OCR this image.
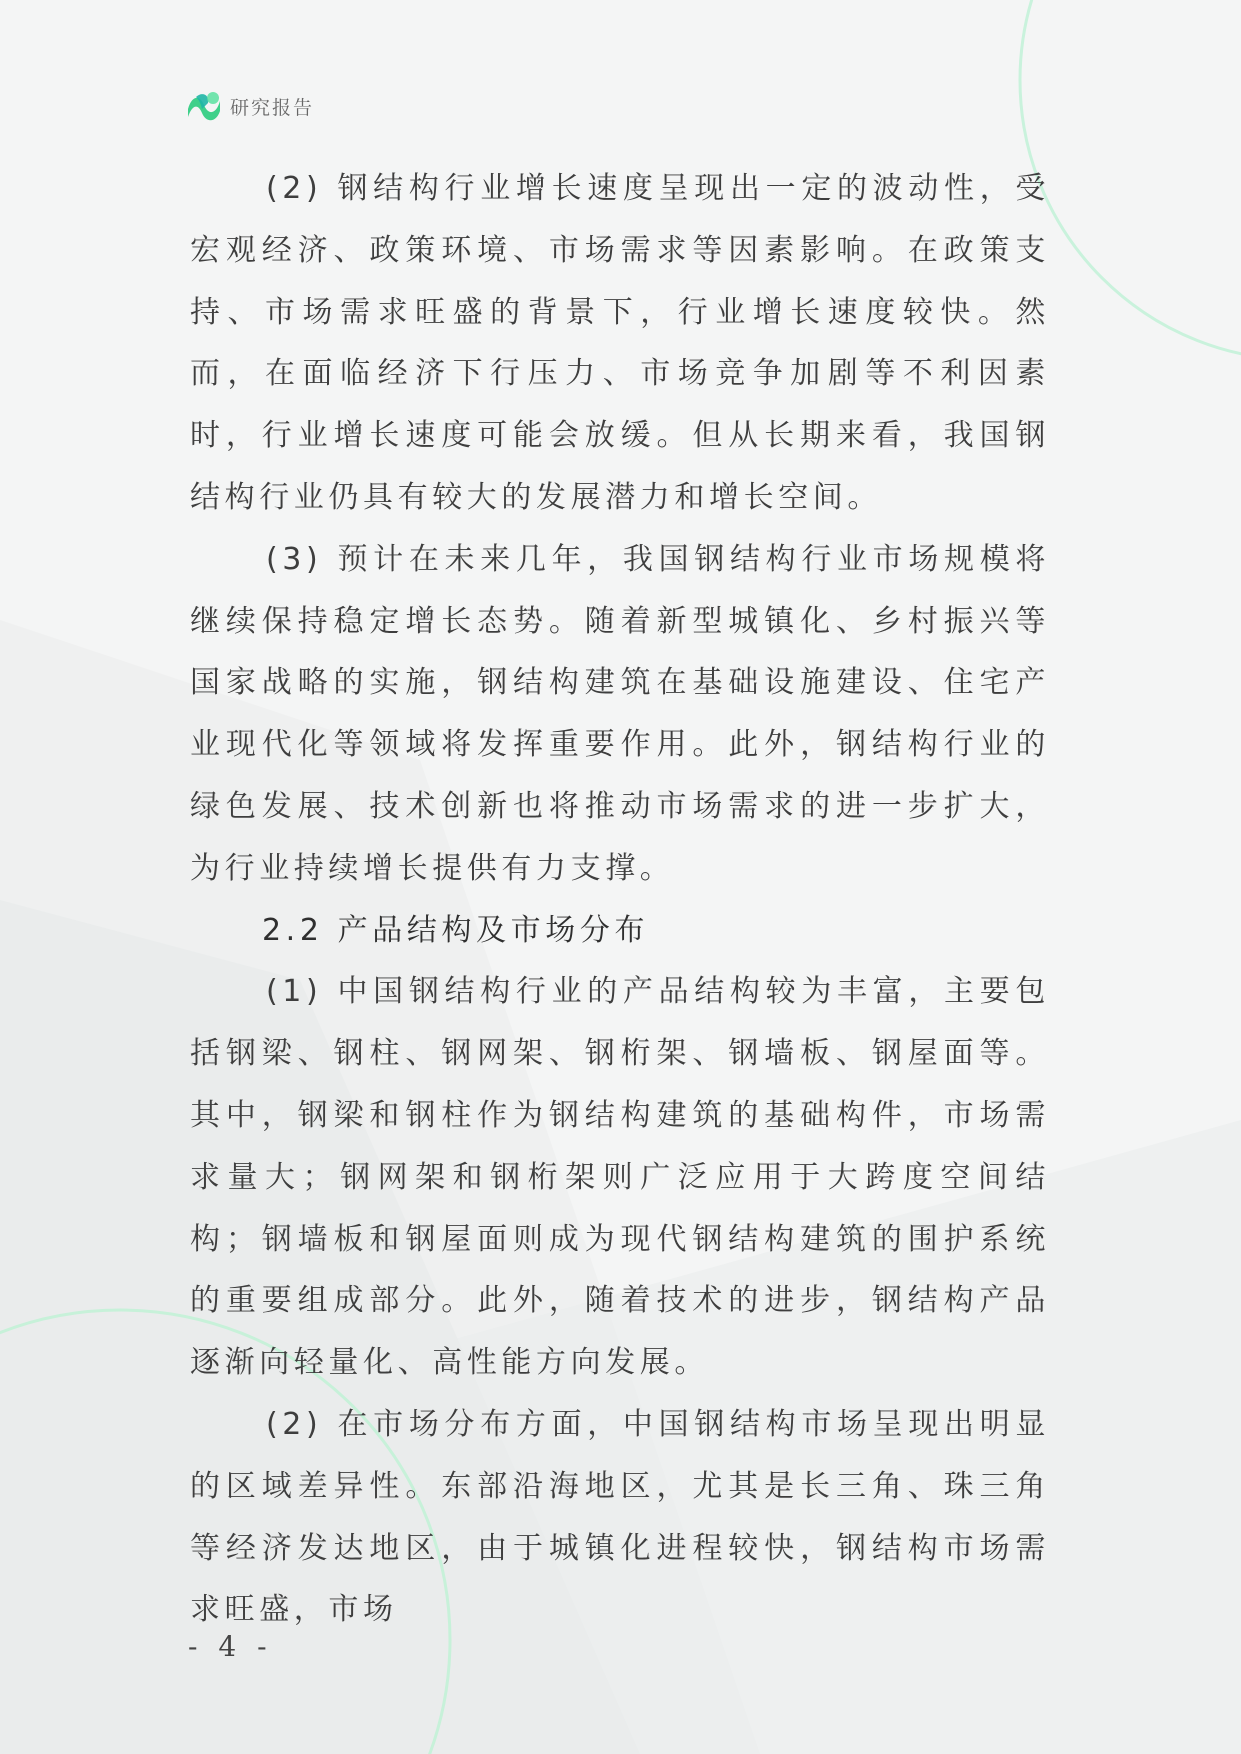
研究报告

(2) 钢结构行业增长速度呈现出一定的波动性，受宏观经济、政策环境、市场需求等因素影响。在政策支持、市场需求旺盛的背景下，行业增长速度较快。然而，在面临经济下行压力、市场竞争加剧等不利因素时，行业增长速度可能会放缓。但从长期来看，我国钢结构行业仍具有较大的发展潜力和增长空间。

(3) 预计在未来几年，我国钢结构行业市场规模将继续保持稳定增长态势。随着新型城镇化、乡村振兴等国家战略的实施，钢结构建筑在基础设施建设、住宅产业现代化等领域将发挥重要作用。此外，钢结构行业的绿色发展、技术创新也将推动市场需求的进一步扩大，为行业持续增长提供有力支撑。

2.2 产品结构及市场分布

(1) 中国钢结构行业的产品结构较为丰富，主要包括钢梁、钢柱、钢网架、钢桁架、钢墙板、钢屋面等。其中，钢梁和钢柱作为钢结构建筑的基础构件，市场需求量大；钢网架和钢桁架则广泛应用于大跨度空间结构；钢墙板和钢屋面则成为现代钢结构建筑的围护系统的重要组成部分。此外，随着技术的进步，钢结构产品逐渐向轻量化、高性能方向发展。

(2) 在市场分布方面，中国钢结构市场呈现出明显的区域差异性。东部沿海地区，尤其是长三角、珠三角等经济发达地区，由于城镇化进程较快，钢结构市场需求旺盛，市场

- 4 -
